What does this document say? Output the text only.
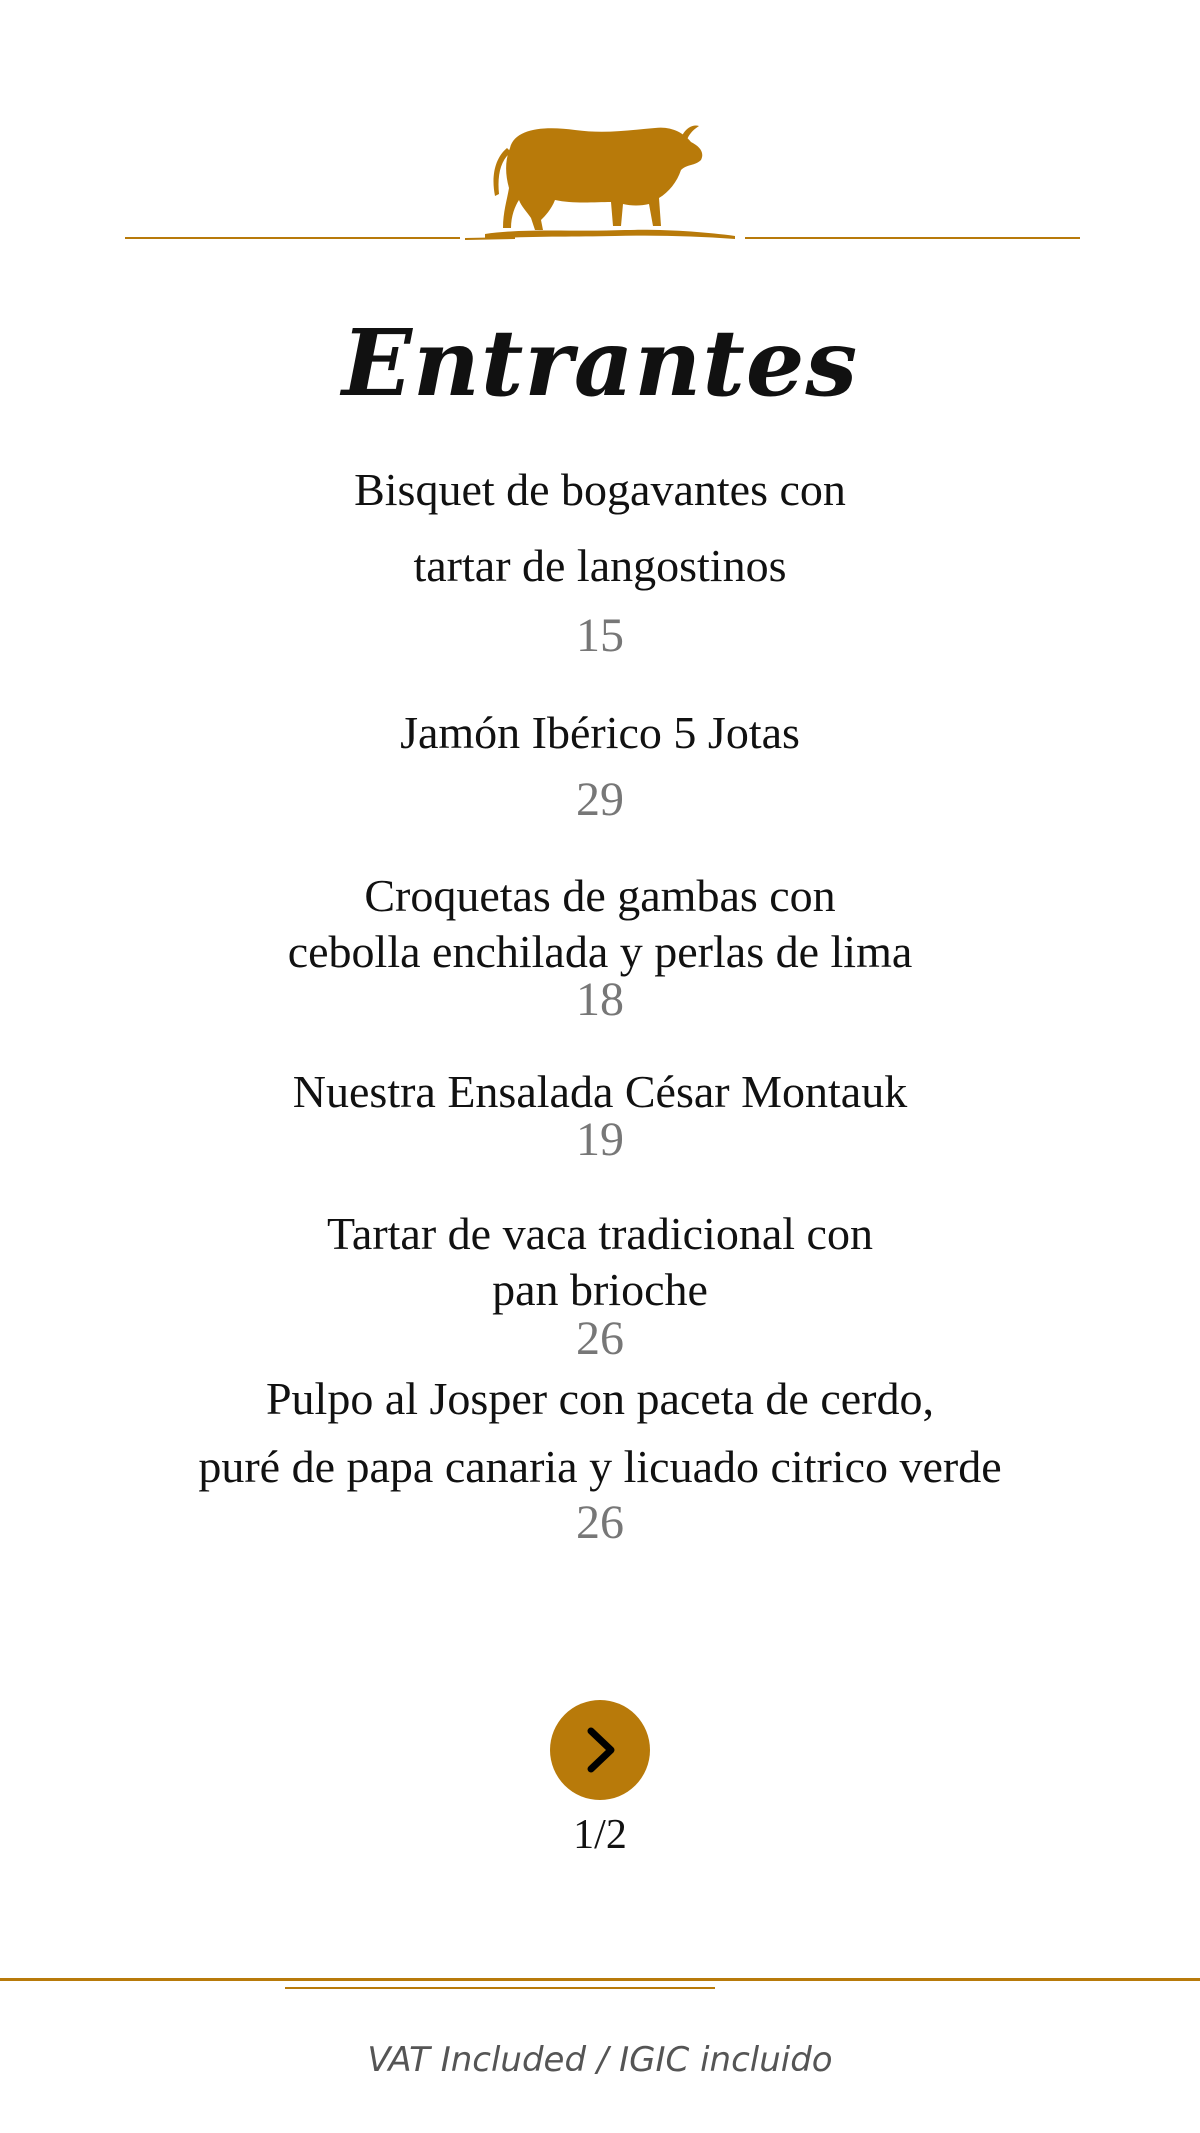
Entrantes

Bisquet de bogavantes con

tartar de langostinos

15

Jamón Ibérico 5 Jotas

29

Croquetas de gambas con

cebolla enchilada y perlas de lima

18

Nuestra Ensalada César Montauk

19

Tartar de vaca tradicional con

pan brioche

26

Pulpo al Josper con paceta de cerdo,

puré de papa canaria y licuado citrico verde

26
1/2
VAT Included / IGIC incluido
